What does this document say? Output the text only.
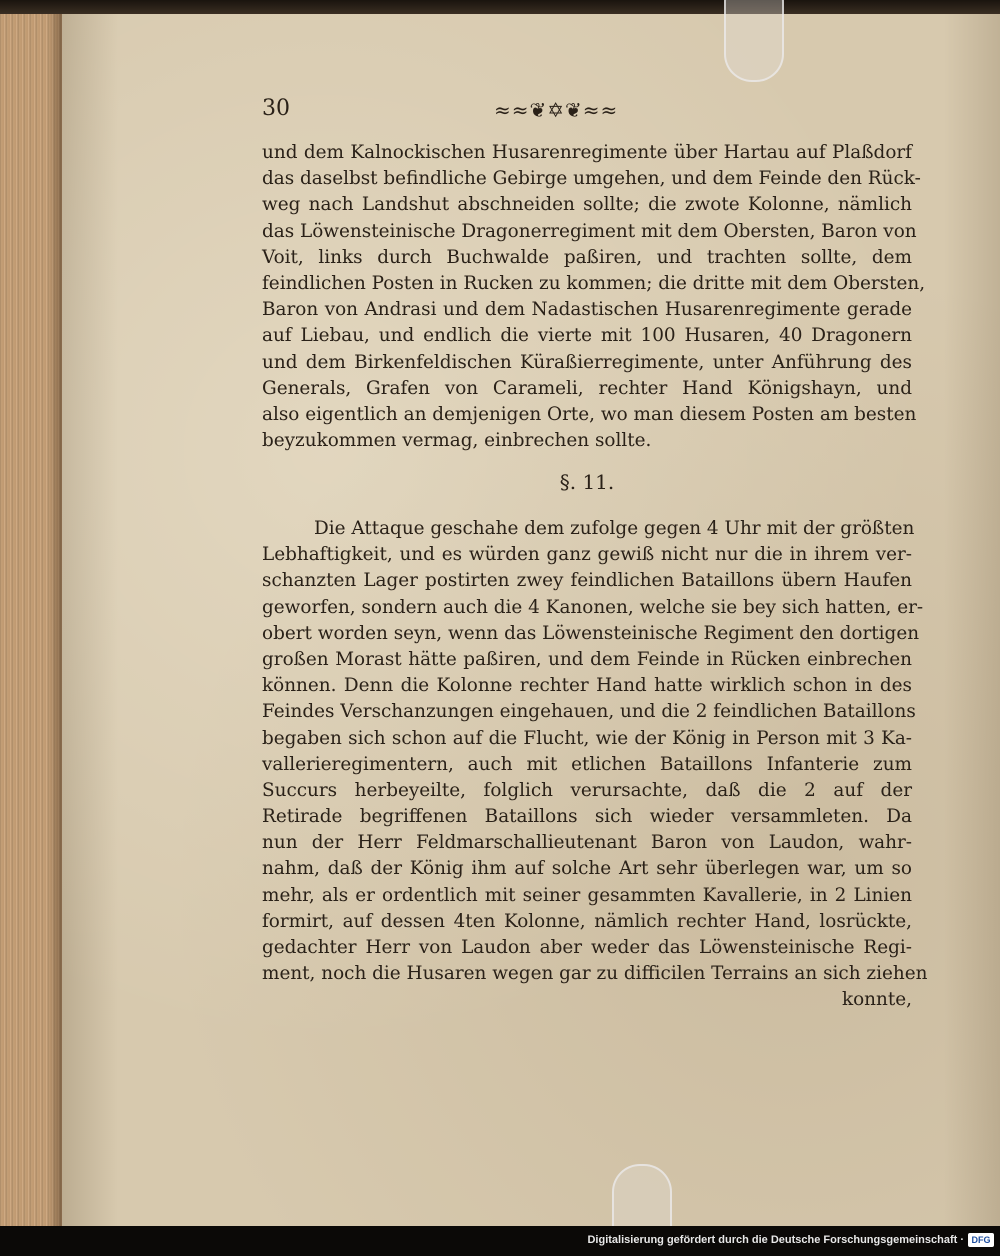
30	≈≈❦✡❦≈≈
und dem Kalnockischen Husarenregimente über Hartau auf Plaßdorf
das daselbst befindliche Gebirge umgehen, und dem Feinde den Rück-
weg nach Landshut abschneiden sollte; die zwote Kolonne, nämlich
das Löwensteinische Dragonerregiment mit dem Obersten, Baron von
Voit, links durch Buchwalde paßiren, und trachten sollte, dem
feindlichen Posten in Rucken zu kommen; die dritte mit dem Obersten,
Baron von Andrasi und dem Nadastischen Husarenregimente gerade
auf Liebau, und endlich die vierte mit 100 Husaren, 40 Dragonern
und dem Birkenfeldischen Küraßierregimente, unter Anführung des
Generals, Grafen von Carameli, rechter Hand Königshayn, und
also eigentlich an demjenigen Orte, wo man diesem Posten am besten
beyzukommen vermag, einbrechen sollte.
§. 11.
Die Attaque geschahe dem zufolge gegen 4 Uhr mit der größten
Lebhaftigkeit, und es würden ganz gewiß nicht nur die in ihrem ver-
schanzten Lager postirten zwey feindlichen Bataillons übern Haufen
geworfen, sondern auch die 4 Kanonen, welche sie bey sich hatten, er-
obert worden seyn, wenn das Löwensteinische Regiment den dortigen
großen Morast hätte paßiren, und dem Feinde in Rücken einbrechen
können. Denn die Kolonne rechter Hand hatte wirklich schon in des
Feindes Verschanzungen eingehauen, und die 2 feindlichen Bataillons
begaben sich schon auf die Flucht, wie der König in Person mit 3 Ka-
vallerieregimentern, auch mit etlichen Bataillons Infanterie zum
Succurs herbeyeilte, folglich verursachte, daß die 2 auf der
Retirade begriffenen Bataillons sich wieder versammleten. Da
nun der Herr Feldmarschallieutenant Baron von Laudon, wahr-
nahm, daß der König ihm auf solche Art sehr überlegen war, um so
mehr, als er ordentlich mit seiner gesammten Kavallerie, in 2 Linien
formirt, auf dessen 4ten Kolonne, nämlich rechter Hand, losrückte,
gedachter Herr von Laudon aber weder das Löwensteinische Regi-
ment, noch die Husaren wegen gar zu difficilen Terrains an sich ziehen
konnte,
Digitalisierung gefördert durch die Deutsche Forschungsgemeinschaft · DFG
